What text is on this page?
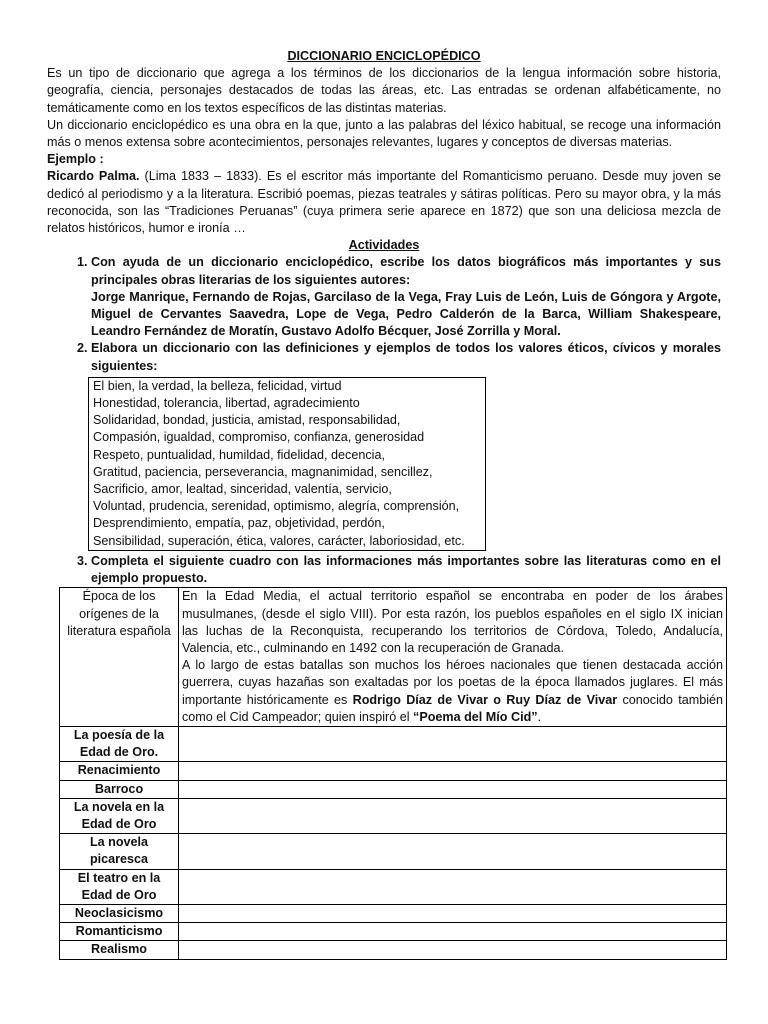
DICCIONARIO ENCICLOPÉDICO

Es un tipo de diccionario que agrega a los términos de los diccionarios de la lengua información sobre historia, geografía, ciencia, personajes destacados de todas las áreas, etc. Las entradas se ordenan alfabéticamente, no temáticamente como en los textos específicos de las distintas materias.

Un diccionario enciclopédico es una obra en la que, junto a las palabras del léxico habitual, se recoge una información más o menos extensa sobre acontecimientos, personajes relevantes, lugares y conceptos de diversas materias.

Ejemplo :

Ricardo Palma. (Lima 1833 – 1833). Es el escritor más importante del Romanticismo peruano. Desde muy joven se dedicó al periodismo y a la literatura. Escribió poemas, piezas teatrales y sátiras políticas. Pero su mayor obra, y la más reconocida, son las “Tradiciones Peruanas” (cuya primera serie aparece en 1872) que son una deliciosa mezcla de relatos históricos, humor e ironía …

Actividades

1. Con ayuda de un diccionario enciclopédico, escribe los datos biográficos más importantes y sus principales obras literarias de los siguientes autores:
Jorge Manrique, Fernando de Rojas, Garcilaso de la Vega, Fray Luis de León, Luis de Góngora y Argote, Miguel de Cervantes Saavedra, Lope de Vega, Pedro Calderón de la Barca, William Shakespeare, Leandro Fernández de Moratín, Gustavo Adolfo Bécquer, José Zorrilla y Moral.
2. Elabora un diccionario con las definiciones y ejemplos de todos los valores éticos, cívicos y morales siguientes:
El bien, la verdad, la belleza, felicidad, virtud
Honestidad, tolerancia, libertad, agradecimiento
Solidaridad, bondad, justicia, amistad, responsabilidad,
Compasión, igualdad, compromiso, confianza, generosidad
Respeto, puntualidad, humildad, fidelidad, decencia,
Gratitud, paciencia, perseverancia, magnanimidad, sencillez,
Sacrificio, amor, lealtad, sinceridad, valentía, servicio,
Voluntad, prudencia, serenidad, optimismo, alegría, comprensión,
Desprendimiento, empatía, paz, objetividad, perdón,
Sensibilidad, superación, ética, valores, carácter, laboriosidad, etc.
3. Completa el siguiente cuadro con las informaciones más importantes sobre las literaturas como en el ejemplo propuesto.
Época de los orígenes de la literatura española	En la Edad Media, el actual territorio español se encontraba en poder de los árabes musulmanes, (desde el siglo VIII). Por esta razón, los pueblos españoles en el siglo IX inician las luchas de la Reconquista, recuperando los territorios de Córdova, Toledo, Andalucía, Valencia, etc., culminando en 1492 con la recuperación de Granada.
A lo largo de estas batallas son muchos los héroes nacionales que tienen destacada acción guerrera, cuyas hazañas son exaltadas por los poetas de la época llamados juglares. El más importante históricamente es Rodrigo Díaz de Vivar o Ruy Díaz de Vivar conocido también como el Cid Campeador; quien inspiró el “Poema del Mío Cid”.

La poesía de la Edad de Oro.	
Renacimiento	
Barroco	
La novela en la Edad de Oro	
La novela picaresca	
El teatro en la Edad de Oro	
Neoclasicismo	
Romanticismo	
Realismo	
